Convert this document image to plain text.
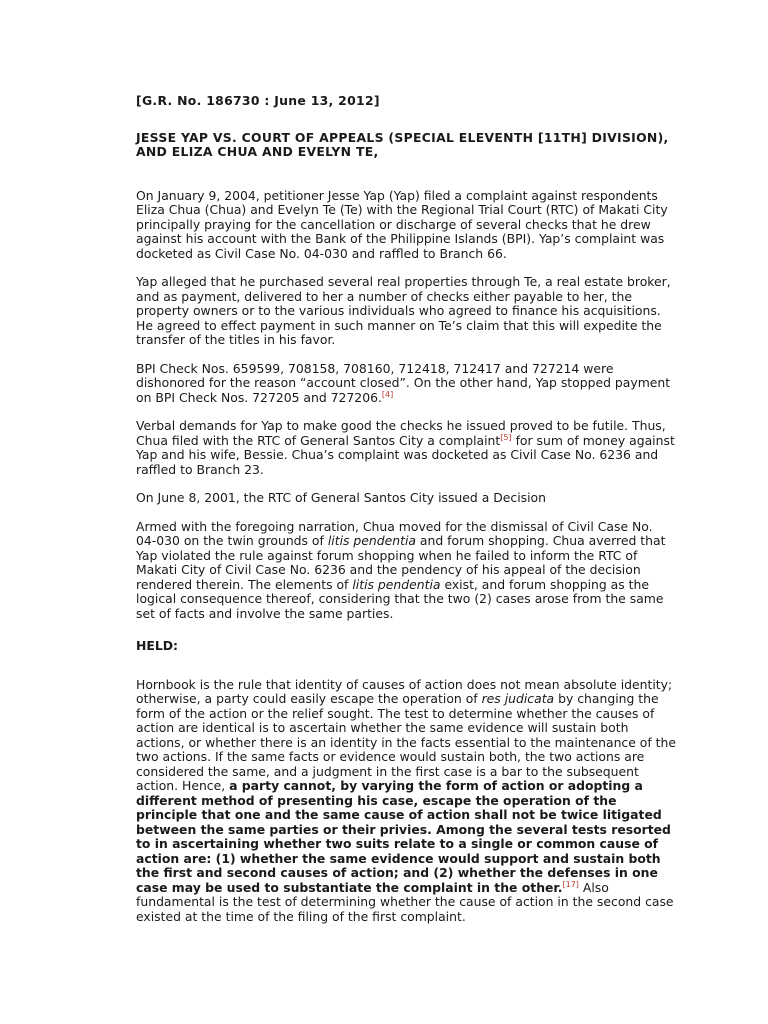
[G.R. No. 186730 : June 13, 2012]

JESSE YAP VS. COURT OF APPEALS (SPECIAL ELEVENTH [11TH] DIVISION), AND ELIZA CHUA AND EVELYN TE,

On January 9, 2004, petitioner Jesse Yap (Yap) filed a complaint against respondents Eliza Chua (Chua) and Evelyn Te (Te) with the Regional Trial Court (RTC) of Makati City principally praying for the cancellation or discharge of several checks that he drew against his account with the Bank of the Philippine Islands (BPI). Yap’s complaint was docketed as Civil Case No. 04-030 and raffled to Branch 66.

Yap alleged that he purchased several real properties through Te, a real estate broker, and as payment, delivered to her a number of checks either payable to her, the property owners or to the various individuals who agreed to finance his acquisitions. He agreed to effect payment in such manner on Te’s claim that this will expedite the transfer of the titles in his favor.

BPI Check Nos. 659599, 708158, 708160, 712418, 712417 and 727214 were dishonored for the reason “account closed”. On the other hand, Yap stopped payment on BPI Check Nos. 727205 and 727206.[4]

Verbal demands for Yap to make good the checks he issued proved to be futile. Thus, Chua filed with the RTC of General Santos City a complaint[5] for sum of money against Yap and his wife, Bessie. Chua’s complaint was docketed as Civil Case No. 6236 and raffled to Branch 23.

On June 8, 2001, the RTC of General Santos City issued a Decision

Armed with the foregoing narration, Chua moved for the dismissal of Civil Case No. 04-030 on the twin grounds of litis pendentia and forum shopping. Chua averred that Yap violated the rule against forum shopping when he failed to inform the RTC of Makati City of Civil Case No. 6236 and the pendency of his appeal of the decision rendered therein. The elements of litis pendentia exist, and forum shopping as the logical consequence thereof, considering that the two (2) cases arose from the same set of facts and involve the same parties.

HELD:

Hornbook is the rule that identity of causes of action does not mean absolute identity; otherwise, a party could easily escape the operation of res judicata by changing the form of the action or the relief sought. The test to determine whether the causes of action are identical is to ascertain whether the same evidence will sustain both actions, or whether there is an identity in the facts essential to the maintenance of the two actions. If the same facts or evidence would sustain both, the two actions are considered the same, and a judgment in the first case is a bar to the subsequent action. Hence, a party cannot, by varying the form of action or adopting a different method of presenting his case, escape the operation of the principle that one and the same cause of action shall not be twice litigated between the same parties or their privies. Among the several tests resorted to in ascertaining whether two suits relate to a single or common cause of action are: (1) whether the same evidence would support and sustain both the first and second causes of action; and (2) whether the defenses in one case may be used to substantiate the complaint in the other.[17] Also fundamental is the test of determining whether the cause of action in the second case existed at the time of the filing of the first complaint.
